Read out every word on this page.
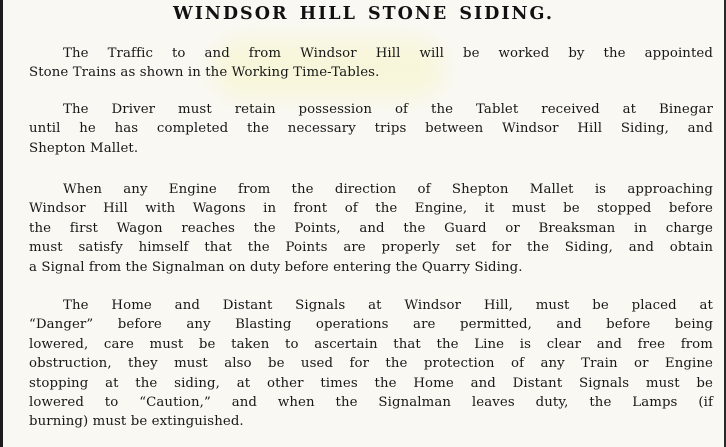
WINDSOR HILL STONE SIDING.

The Traffic to and from Windsor Hill will be worked by the appointed
Stone Trains as shown in the Working Time-Tables.

The Driver must retain possession of the Tablet received at Binegar
until he has completed the necessary trips between Windsor Hill Siding, and
Shepton Mallet.

When any Engine from the direction of Shepton Mallet is approaching
Windsor Hill with Wagons in front of the Engine, it must be stopped before
the first Wagon reaches the Points, and the Guard or Breaksman in charge
must satisfy himself that the Points are properly set for the Siding, and obtain
a Signal from the Signalman on duty before entering the Quarry Siding.

The Home and Distant Signals at Windsor Hill, must be placed at
“Danger” before any Blasting operations are permitted, and before being
lowered, care must be taken to ascertain that the Line is clear and free from
obstruction, they must also be used for the protection of any Train or Engine
stopping at the siding, at other times the Home and Distant Signals must be
lowered to “Caution,” and when the Signalman leaves duty, the Lamps (if
burning) must be extinguished.
